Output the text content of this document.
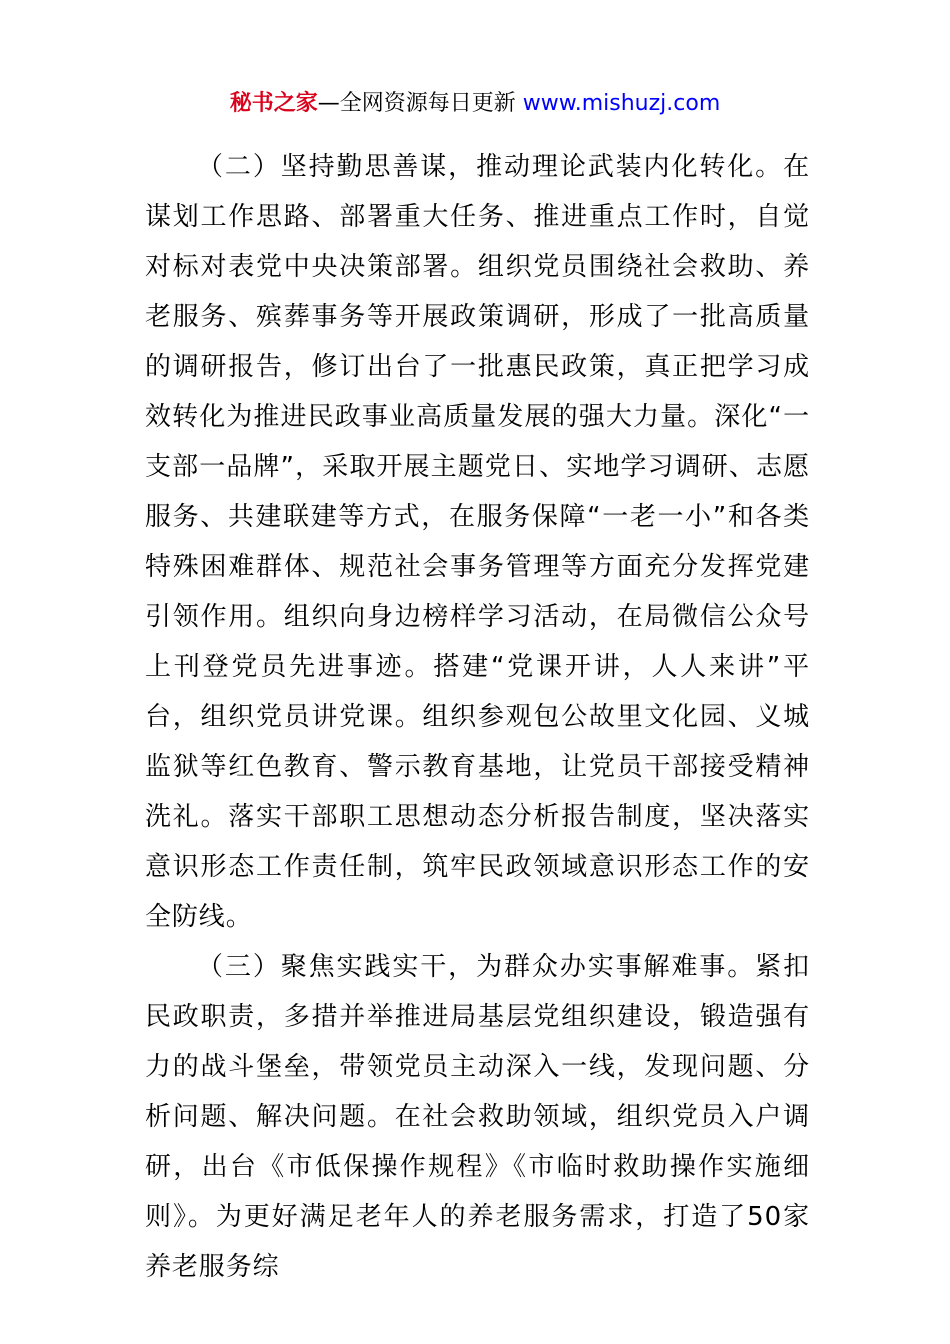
秘书之家—全网资源每日更新 www.mishuzj.com

（二）坚持勤思善谋，推动理论武装内化转化。在谋划工作思路、部署重大任务、推进重点工作时，自觉对标对表党中央决策部署。组织党员围绕社会救助、养老服务、殡葬事务等开展政策调研，形成了一批高质量的调研报告，修订出台了一批惠民政策，真正把学习成效转化为推进民政事业高质量发展的强大力量。深化“一支部一品牌”，采取开展主题党日、实地学习调研、志愿服务、共建联建等方式，在服务保障“一老一小”和各类特殊困难群体、规范社会事务管理等方面充分发挥党建引领作用。组织向身边榜样学习活动，在局微信公众号上刊登党员先进事迹。搭建“党课开讲，人人来讲”平台，组织党员讲党课。组织参观包公故里文化园、义城监狱等红色教育、警示教育基地，让党员干部接受精神洗礼。落实干部职工思想动态分析报告制度，坚决落实意识形态工作责任制，筑牢民政领域意识形态工作的安全防线。

（三）聚焦实践实干，为群众办实事解难事。紧扣民政职责，多措并举推进局基层党组织建设，锻造强有力的战斗堡垒，带领党员主动深入一线，发现问题、分析问题、解决问题。在社会救助领域，组织党员入户调研，出台《市低保操作规程》《市临时救助操作实施细则》。为更好满足老年人的养老服务需求，打造了50家养老服务综
